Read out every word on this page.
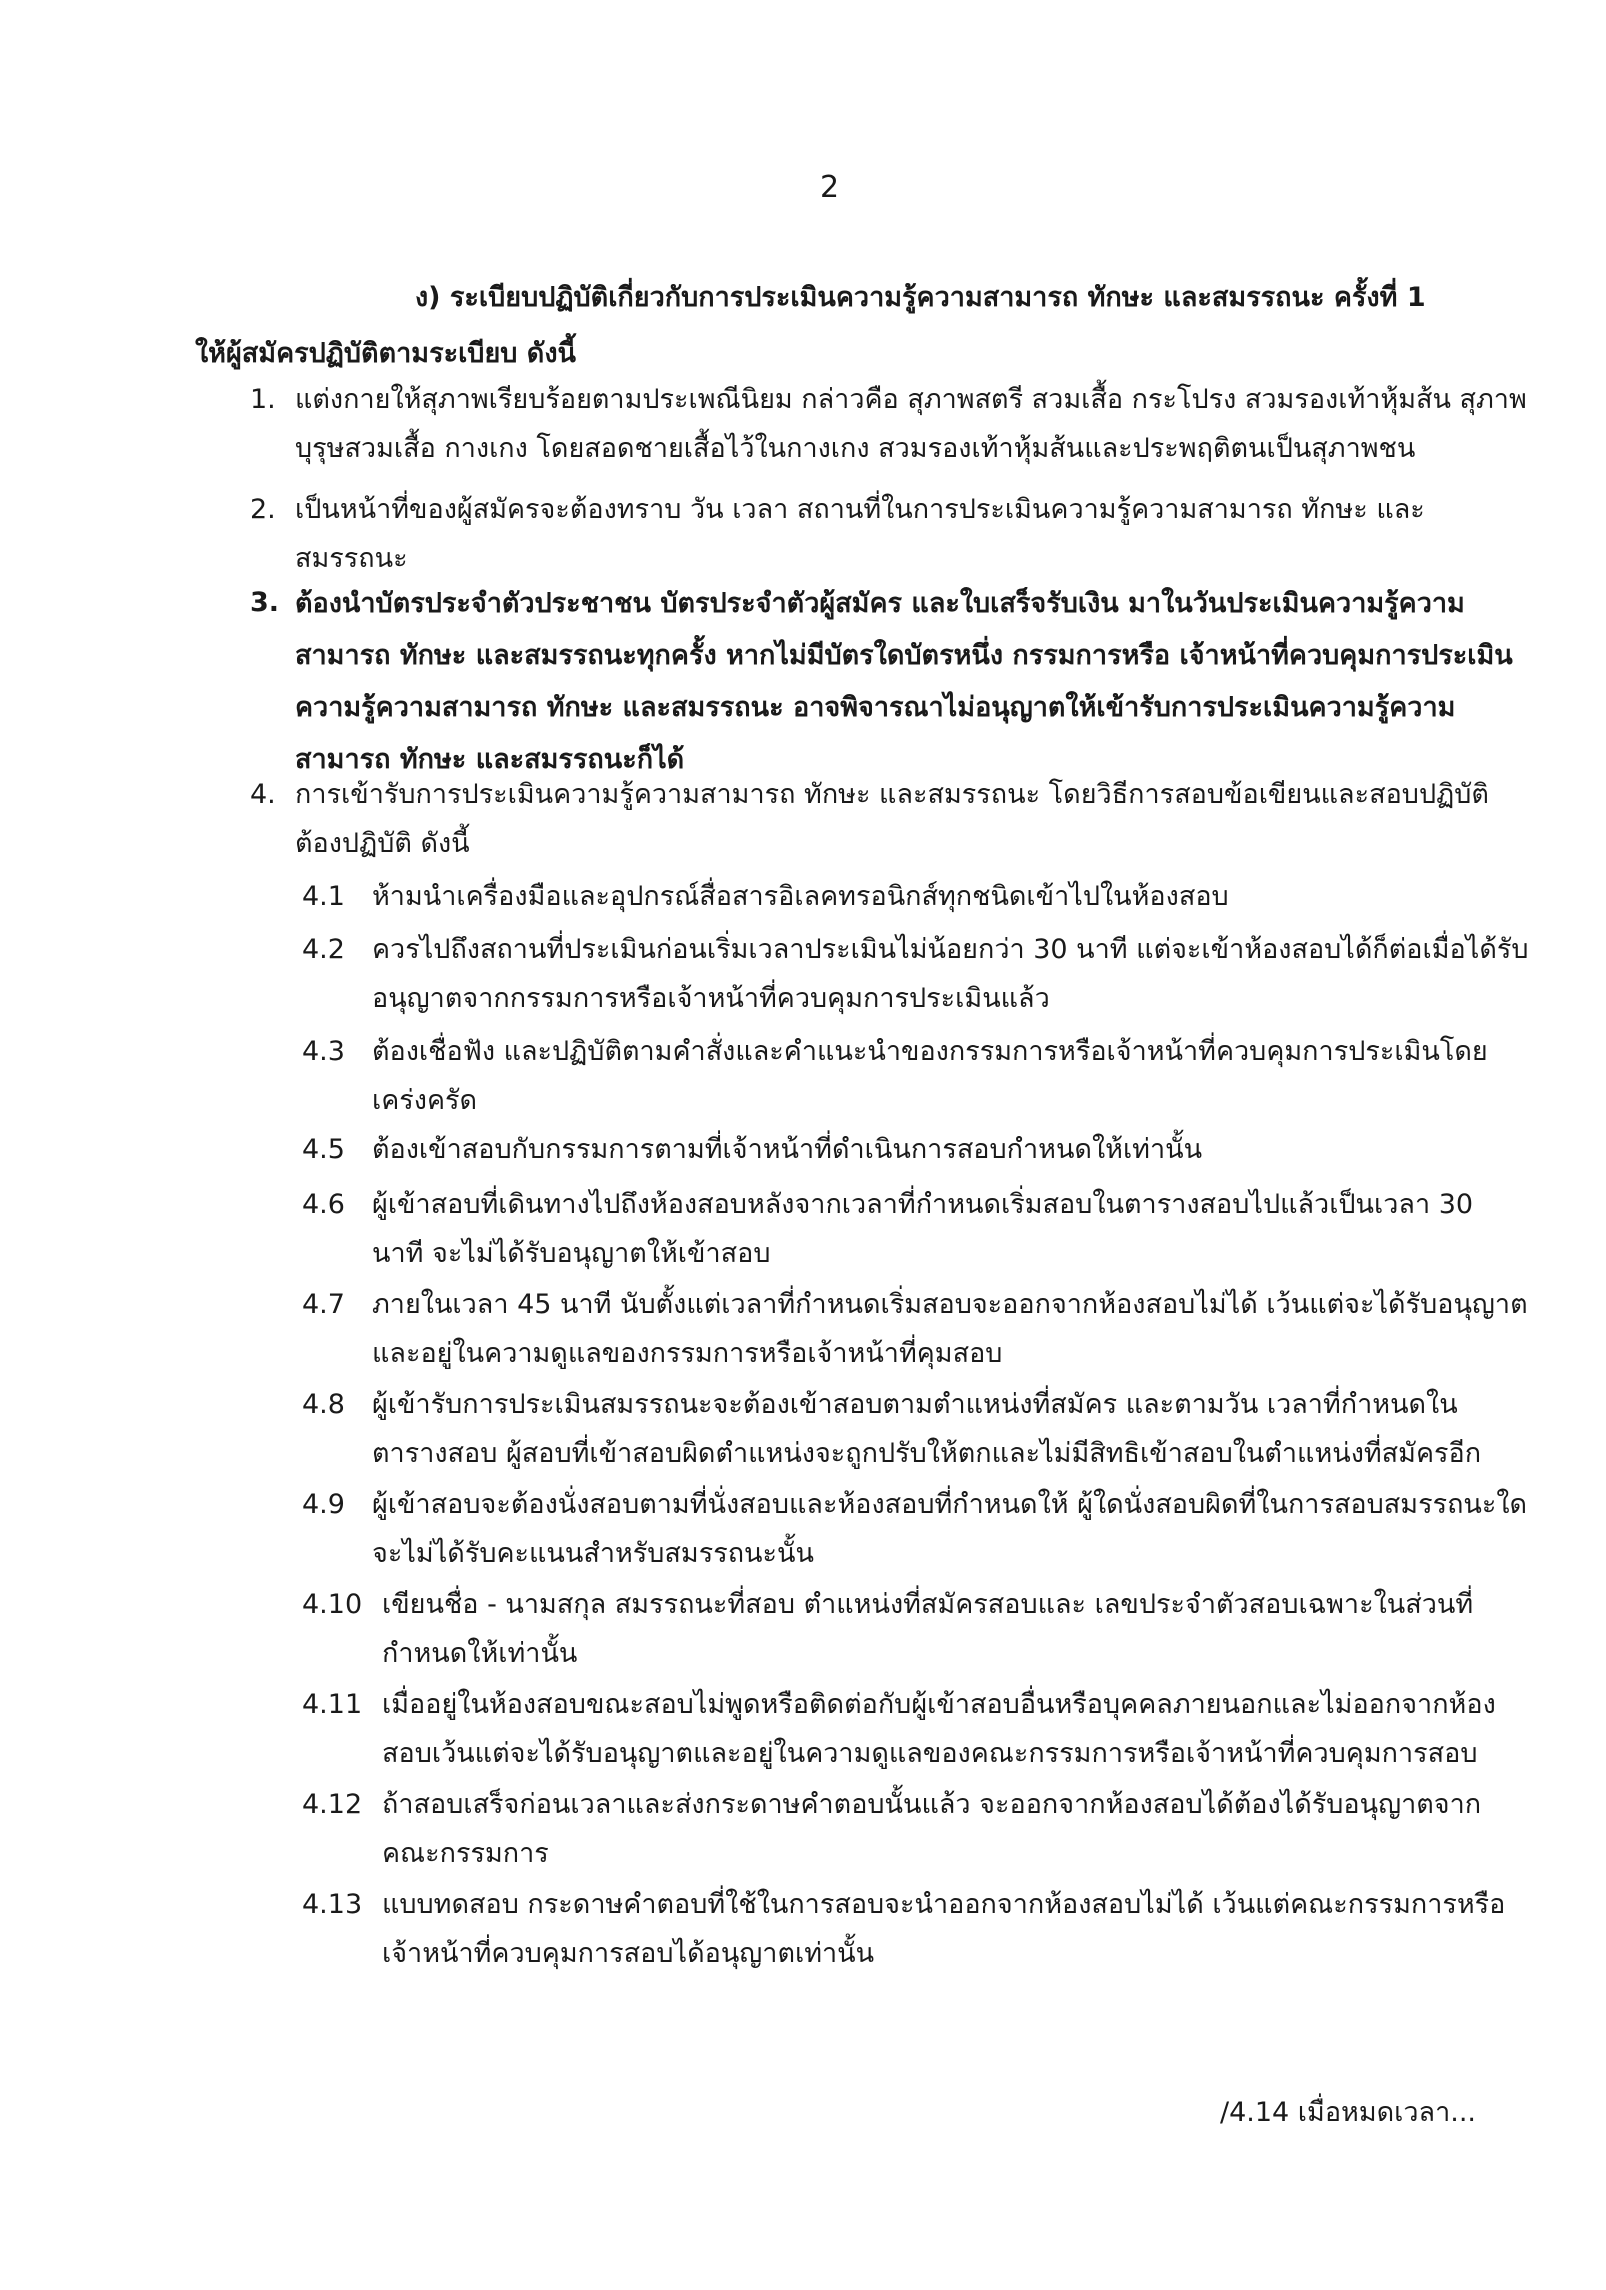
2
ง) ระเบียบปฏิบัติเกี่ยวกับการประเมินความรู้ความสามารถ ทักษะ และสมรรถนะ ครั้งที่ 1
ให้ผู้สมัครปฏิบัติตามระเบียบ ดังนี้
1. แต่งกายให้สุภาพเรียบร้อยตามประเพณีนิยม กล่าวคือ สุภาพสตรี สวมเสื้อ กระโปรง สวมรองเท้าหุ้มส้น สุภาพบุรุษสวมเสื้อ กางเกง โดยสอดชายเสื้อไว้ในกางเกง สวมรองเท้าหุ้มส้นและประพฤติตนเป็นสุภาพชน
2. เป็นหน้าที่ของผู้สมัครจะต้องทราบ วัน เวลา สถานที่ในการประเมินความรู้ความสามารถ ทักษะ และสมรรถนะ
3. ต้องนำบัตรประจำตัวประชาชน บัตรประจำตัวผู้สมัคร และใบเสร็จรับเงิน มาในวันประเมินความรู้ความสามารถ ทักษะ และสมรรถนะทุกครั้ง หากไม่มีบัตรใดบัตรหนึ่ง กรรมการหรือ เจ้าหน้าที่ควบคุมการประเมินความรู้ความสามารถ ทักษะ และสมรรถนะ อาจพิจารณาไม่อนุญาตให้เข้ารับการประเมินความรู้ความสามารถ ทักษะ และสมรรถนะก็ได้
4. การเข้ารับการประเมินความรู้ความสามารถ ทักษะ และสมรรถนะ โดยวิธีการสอบข้อเขียนและสอบปฏิบัติ ต้องปฏิบัติ ดังนี้
4.1 ห้ามนำเครื่องมือและอุปกรณ์สื่อสารอิเลคทรอนิกส์ทุกชนิดเข้าไปในห้องสอบ
4.2 ควรไปถึงสถานที่ประเมินก่อนเริ่มเวลาประเมินไม่น้อยกว่า 30 นาที แต่จะเข้าห้องสอบได้ก็ต่อเมื่อได้รับอนุญาตจากกรรมการหรือเจ้าหน้าที่ควบคุมการประเมินแล้ว
4.3 ต้องเชื่อฟัง และปฏิบัติตามคำสั่งและคำแนะนำของกรรมการหรือเจ้าหน้าที่ควบคุมการประเมินโดยเคร่งครัด
4.5 ต้องเข้าสอบกับกรรมการตามที่เจ้าหน้าที่ดำเนินการสอบกำหนดให้เท่านั้น
4.6 ผู้เข้าสอบที่เดินทางไปถึงห้องสอบหลังจากเวลาที่กำหนดเริ่มสอบในตารางสอบไปแล้วเป็นเวลา 30 นาที จะไม่ได้รับอนุญาตให้เข้าสอบ
4.7 ภายในเวลา 45 นาที นับตั้งแต่เวลาที่กำหนดเริ่มสอบจะออกจากห้องสอบไม่ได้ เว้นแต่จะได้รับอนุญาต และอยู่ในความดูแลของกรรมการหรือเจ้าหน้าที่คุมสอบ
4.8 ผู้เข้ารับการประเมินสมรรถนะจะต้องเข้าสอบตามตำแหน่งที่สมัคร และตามวัน เวลาที่กำหนดในตารางสอบ ผู้สอบที่เข้าสอบผิดตำแหน่งจะถูกปรับให้ตกและไม่มีสิทธิเข้าสอบในตำแหน่งที่สมัครอีก
4.9 ผู้เข้าสอบจะต้องนั่งสอบตามที่นั่งสอบและห้องสอบที่กำหนดให้ ผู้ใดนั่งสอบผิดที่ในการสอบสมรรถนะใด จะไม่ได้รับคะแนนสำหรับสมรรถนะนั้น
4.10 เขียนชื่อ - นามสกุล สมรรถนะที่สอบ ตำแหน่งที่สมัครสอบและ เลขประจำตัวสอบเฉพาะในส่วนที่กำหนดให้เท่านั้น
4.11 เมื่ออยู่ในห้องสอบขณะสอบไม่พูดหรือติดต่อกับผู้เข้าสอบอื่นหรือบุคคลภายนอกและไม่ออกจากห้องสอบเว้นแต่จะได้รับอนุญาตและอยู่ในความดูแลของคณะกรรมการหรือเจ้าหน้าที่ควบคุมการสอบ
4.12 ถ้าสอบเสร็จก่อนเวลาและส่งกระดาษคำตอบนั้นแล้ว จะออกจากห้องสอบได้ต้องได้รับอนุญาตจากคณะกรรมการ
4.13 แบบทดสอบ กระดาษคำตอบที่ใช้ในการสอบจะนำออกจากห้องสอบไม่ได้ เว้นแต่คณะกรรมการหรือเจ้าหน้าที่ควบคุมการสอบได้อนุญาตเท่านั้น
/4.14 เมื่อหมดเวลา...
